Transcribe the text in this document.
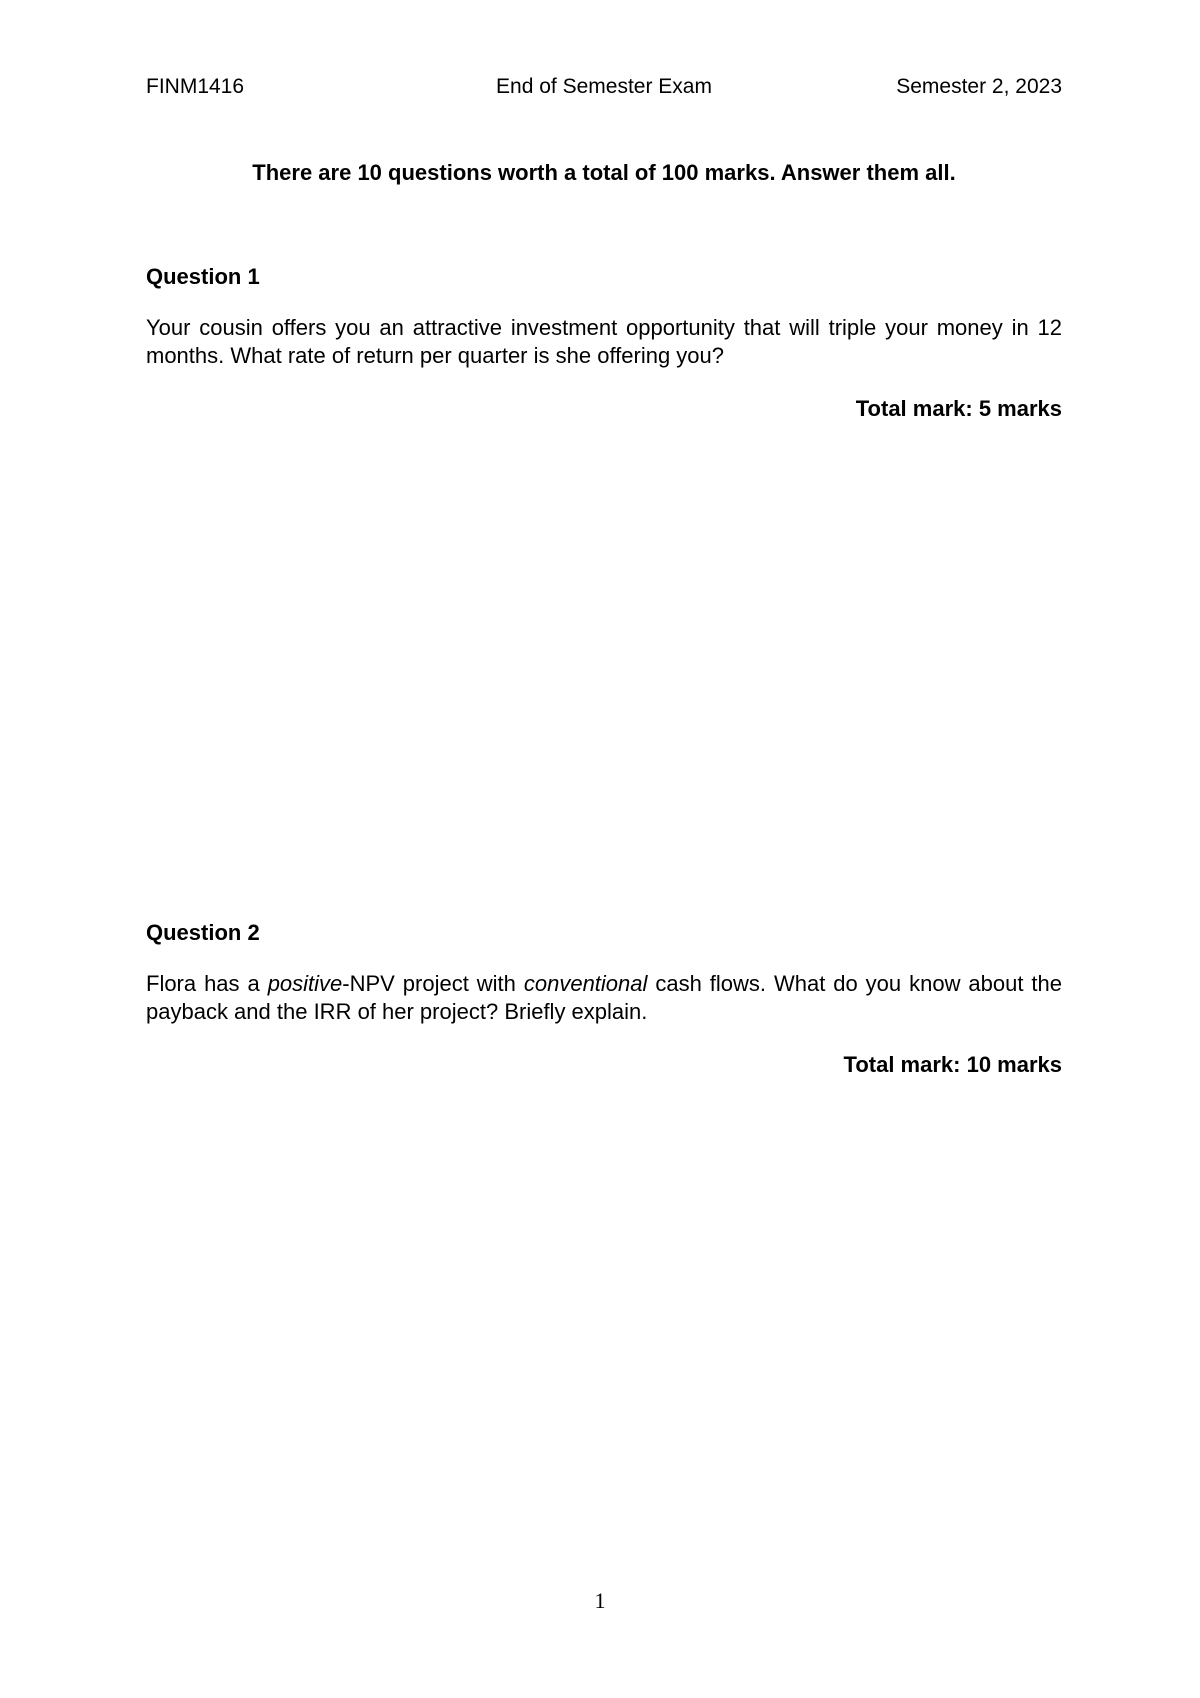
FINM1416	End of Semester Exam	Semester 2, 2023
There are 10 questions worth a total of 100 marks. Answer them all.
Question 1
Your cousin offers you an attractive investment opportunity that will triple your money in 12 months. What rate of return per quarter is she offering you?
Total mark: 5 marks
Question 2
Flora has a positive-NPV project with conventional cash flows. What do you know about the payback and the IRR of her project? Briefly explain.
Total mark: 10 marks
1
